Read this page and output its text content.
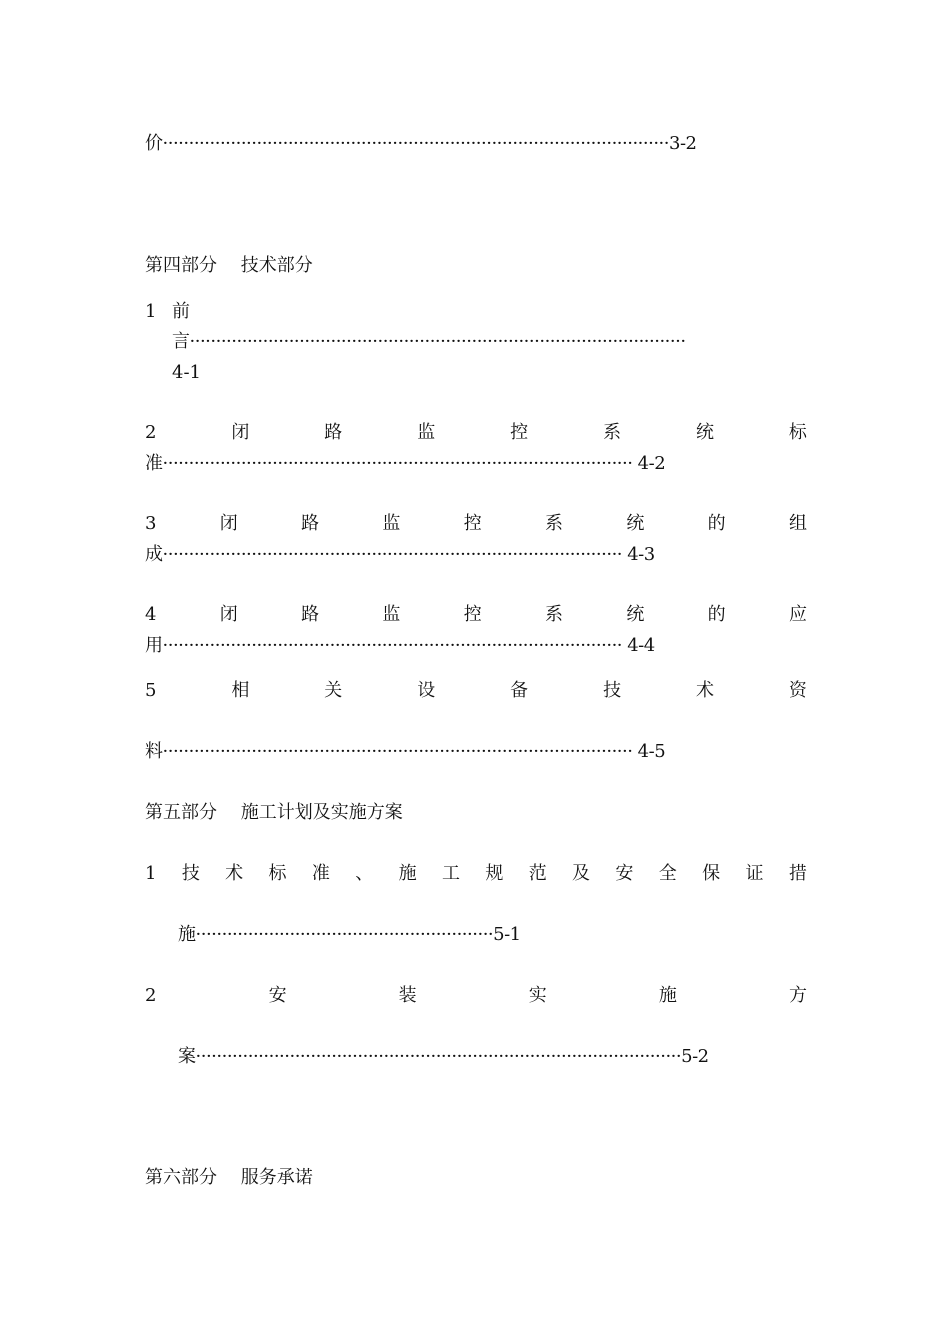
价·································································································3-2
第四部分　 技术部分
1 前
言·······························································································
4-1
2	闭	路	监	控	系	统	标
准·························································································· 4-2
3	闭	路	监	控	系	统	的	组
成························································································ 4-3
4	闭	路	监	控	系	统	的	应
用························································································ 4-4
5	相	关	设	备	技	术	资
料·························································································· 4-5
第五部分　 施工计划及实施方案
1 技 术 标 准 、 施 工 规 范 及 安 全 保 证 措
施·························································5-1
2	安	装	实	施	方
案·····························································································5-2
第六部分　 服务承诺
